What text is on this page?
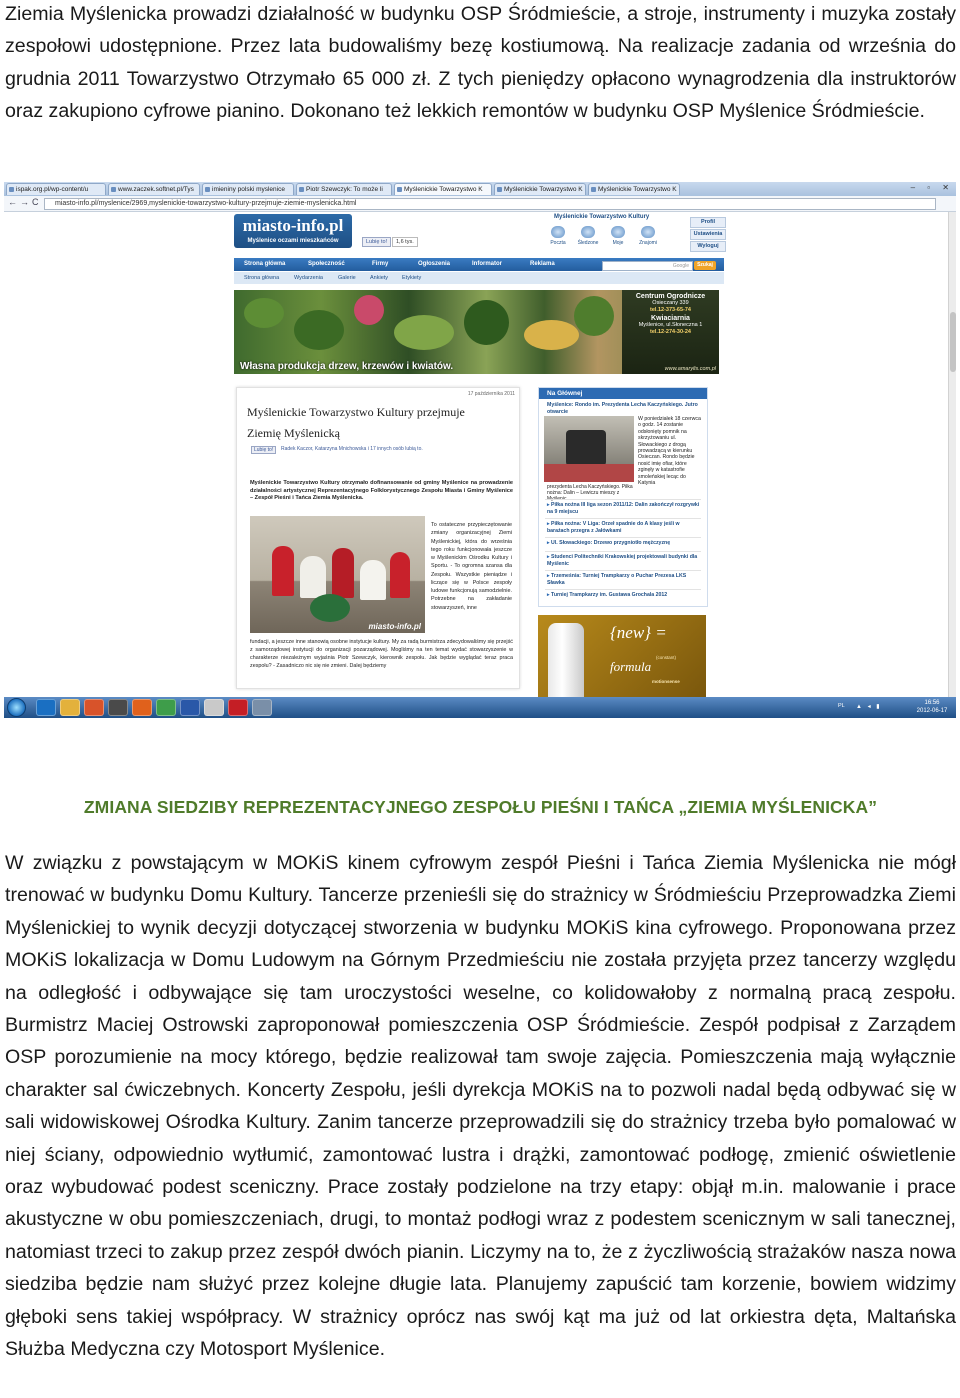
Ziemia Myślenicka prowadzi działalność w budynku OSP Śródmieście, a stroje, instrumenty i muzyka zostały zespołowi udostępnione. Przez lata budowaliśmy bezę kostiumową. Na realizacje zadania od września do grudnia 2011 Towarzystwo Otrzymało 65 000 zł. Z tych pieniędzy opłacono wynagrodzenia dla instruktorów oraz zakupiono cyfrowe pianino. Dokonano też lekkich remontów w budynku OSP Myślenice Śródmieście.

ispak.org.pl/wp-content/u	www.zaczek.softnet.pl/Tys	imieniny polski myslenice	Piotr Szewczyk: To może li	Myślenickie Towarzystwo K	Myślenickie Towarzystwo K	Myślenickie Towarzystwo K	– ▫ ✕
← → C	miasto-info.pl/myslenice/2969,myslenickie-towarzystwo-kultury-przejmuje-ziemie-myslenicka.html
miasto-info.pl
Myślenice oczami mieszkańców	Lubię to!	1,6 tys.
Myślenickie Towarzystwo Kultury
Poczta	Śledzone	Moje	Znajomi
Profil
Ustawienia
Wyloguj
Strona główna	Społeczność	Firmy	Ogłoszenia	Informator	Reklama	Google	Szukaj
Strona główna	Wydarzenia	Galerie	Ankiety	Etykiety
Własna produkcja drzew, krzewów i kwiatów.
Centrum Ogrodnicze
Osieczany 339
tel.12-373-65-74
Kwiaciarnia
Myślenice, ul.Słoneczna 1
tel.12-274-30-24
www.amarylis.com.pl
17 października 2011
Myślenickie Towarzystwo Kultury przejmuje Ziemię Myślenicką
Lubię to!	Radek Kaczor, Katarzyna Mnichowska i 17 innych osób lubią to.

Myślenickie Towarzystwo Kultury otrzymało dofinansowanie od gminy Myślenice na prowadzenie działalności artystycznej Reprezentacyjnego Folklorystycznego Zespołu Miasta i Gminy Myślenice – Zespół Pieśni i Tańca Ziemia Myślenicka.

miasto-info.pl

To ostateczne przypieczętowanie zmiany organizacyjnej Ziemi Myślenickiej, która do września tego roku funkcjonowała jeszcze w Myślenickim Ośrodku Kultury i Sportu. - To ogromna szansa dla Zespołu. Wszystkie pieniądze i liczące się w Polsce zespoły ludowe funkcjonują samodzielnie. Potrzebne na zakładanie stowarzyszeń, inne

fundacji, a jeszcze inne stanowią osobne instytucje kultury. My za radą burmistrza zdecydowaliśmy się przejść z samorządowej instytucji do organizacji pozarządowej. Mogliśmy na ten temat wydać stowarzyszenie w charakterze niezależnym wyjaśnia Piotr Szewczyk, kierownik zespołu. Jak będzie wyglądać teraz praca zespołu? - Zasadniczo nic się nie zmieni. Dalej będziemy

Na Głównej
Myślenice: Rondo im. Prezydenta Lecha Kaczyńskiego. Jutro otwarcie
W poniedziałek 18 czerwca o godz. 14 zostanie odsłonięty pomnik na skrzyżowaniu ul. Słowackiego z drogą prowadzącą w kierunku Osieczan. Rondo będzie nosić imię ofiar, które zginęły w katastrofie smoleńskiej lecąc do Katynia
prezydenta Lecha Kaczyńskiego. Piłka nożna: Dalin – Lewiczu mieszy z
▸ Piłka nożna III liga sezon 2011/12: Dalin zakończył rozgrywki na 9 miejscu
▸ Piłka nożna: V Liga: Orzeł spadnie do A klasy jeśli w barażach przegra z Jałówkami
▸ Ul. Słowackiego: Drzewo przygniotło mężczyznę
▸ Studenci Politechniki Krakowskiej projektowali budynki dla Myślenic
▸ Trzemeśnia: Turniej Trampkarzy o Puchar Prezesa LKS Sławka
▸ Turniej Trampkarzy im. Gustawa Grochala 2012
{new} =
(constant)
formula
motionsense
PL ▲ ◂ ▮
16:56
2012-06-17
ZMIANA SIEDZIBY REPREZENTACYJNEGO ZESPOŁU PIEŚNI I TAŃCA „ZIEMIA MYŚLENICKA”

W związku z powstającym w MOKiS kinem cyfrowym zespół Pieśni i Tańca Ziemia Myślenicka nie mógł trenować w budynku Domu Kultury. Tancerze przenieśli się do strażnicy w Śródmieściu Przeprowadzka Ziemi Myślenickiej to wynik decyzji dotyczącej stworzenia w budynku MOKiS kina cyfrowego. Proponowana przez MOKiS lokalizacja w Domu Ludowym na Górnym Przedmieściu nie została przyjęta przez tancerzy względu na odległość i odbywające się tam uroczystości weselne, co kolidowałoby z normalną pracą zespołu. Burmistrz Maciej Ostrowski zaproponował pomieszczenia OSP Śródmieście. Zespół podpisał z Zarządem OSP porozumienie na mocy którego, będzie realizował tam swoje zajęcia. Pomieszczenia mają wyłącznie charakter sal ćwiczebnych. Koncerty Zespołu, jeśli dyrekcja MOKiS na to pozwoli nadal będą odbywać się w sali widowiskowej Ośrodka Kultury. Zanim tancerze przeprowadzili się do strażnicy trzeba było pomalować w niej ściany, odpowiednio wytłumić, zamontować lustra i drążki, zamontować podłogę, zmienić oświetlenie oraz wybudować podest sceniczny. Prace zostały podzielone na trzy etapy: objął m.in. malowanie i prace akustyczne w obu pomieszczeniach, drugi, to montaż podłogi wraz z podestem scenicznym w sali tanecznej, natomiast trzeci to zakup przez zespół dwóch pianin. Liczymy na to, że z życzliwością strażaków nasza nowa siedziba będzie nam służyć przez kolejne długie lata. Planujemy zapuścić tam korzenie, bowiem widzimy głęboki sens takiej współpracy. W strażnicy oprócz nas swój kąt ma już od lat orkiestra dęta, Maltańska Służba Medyczna czy Motosport Myślenice.
